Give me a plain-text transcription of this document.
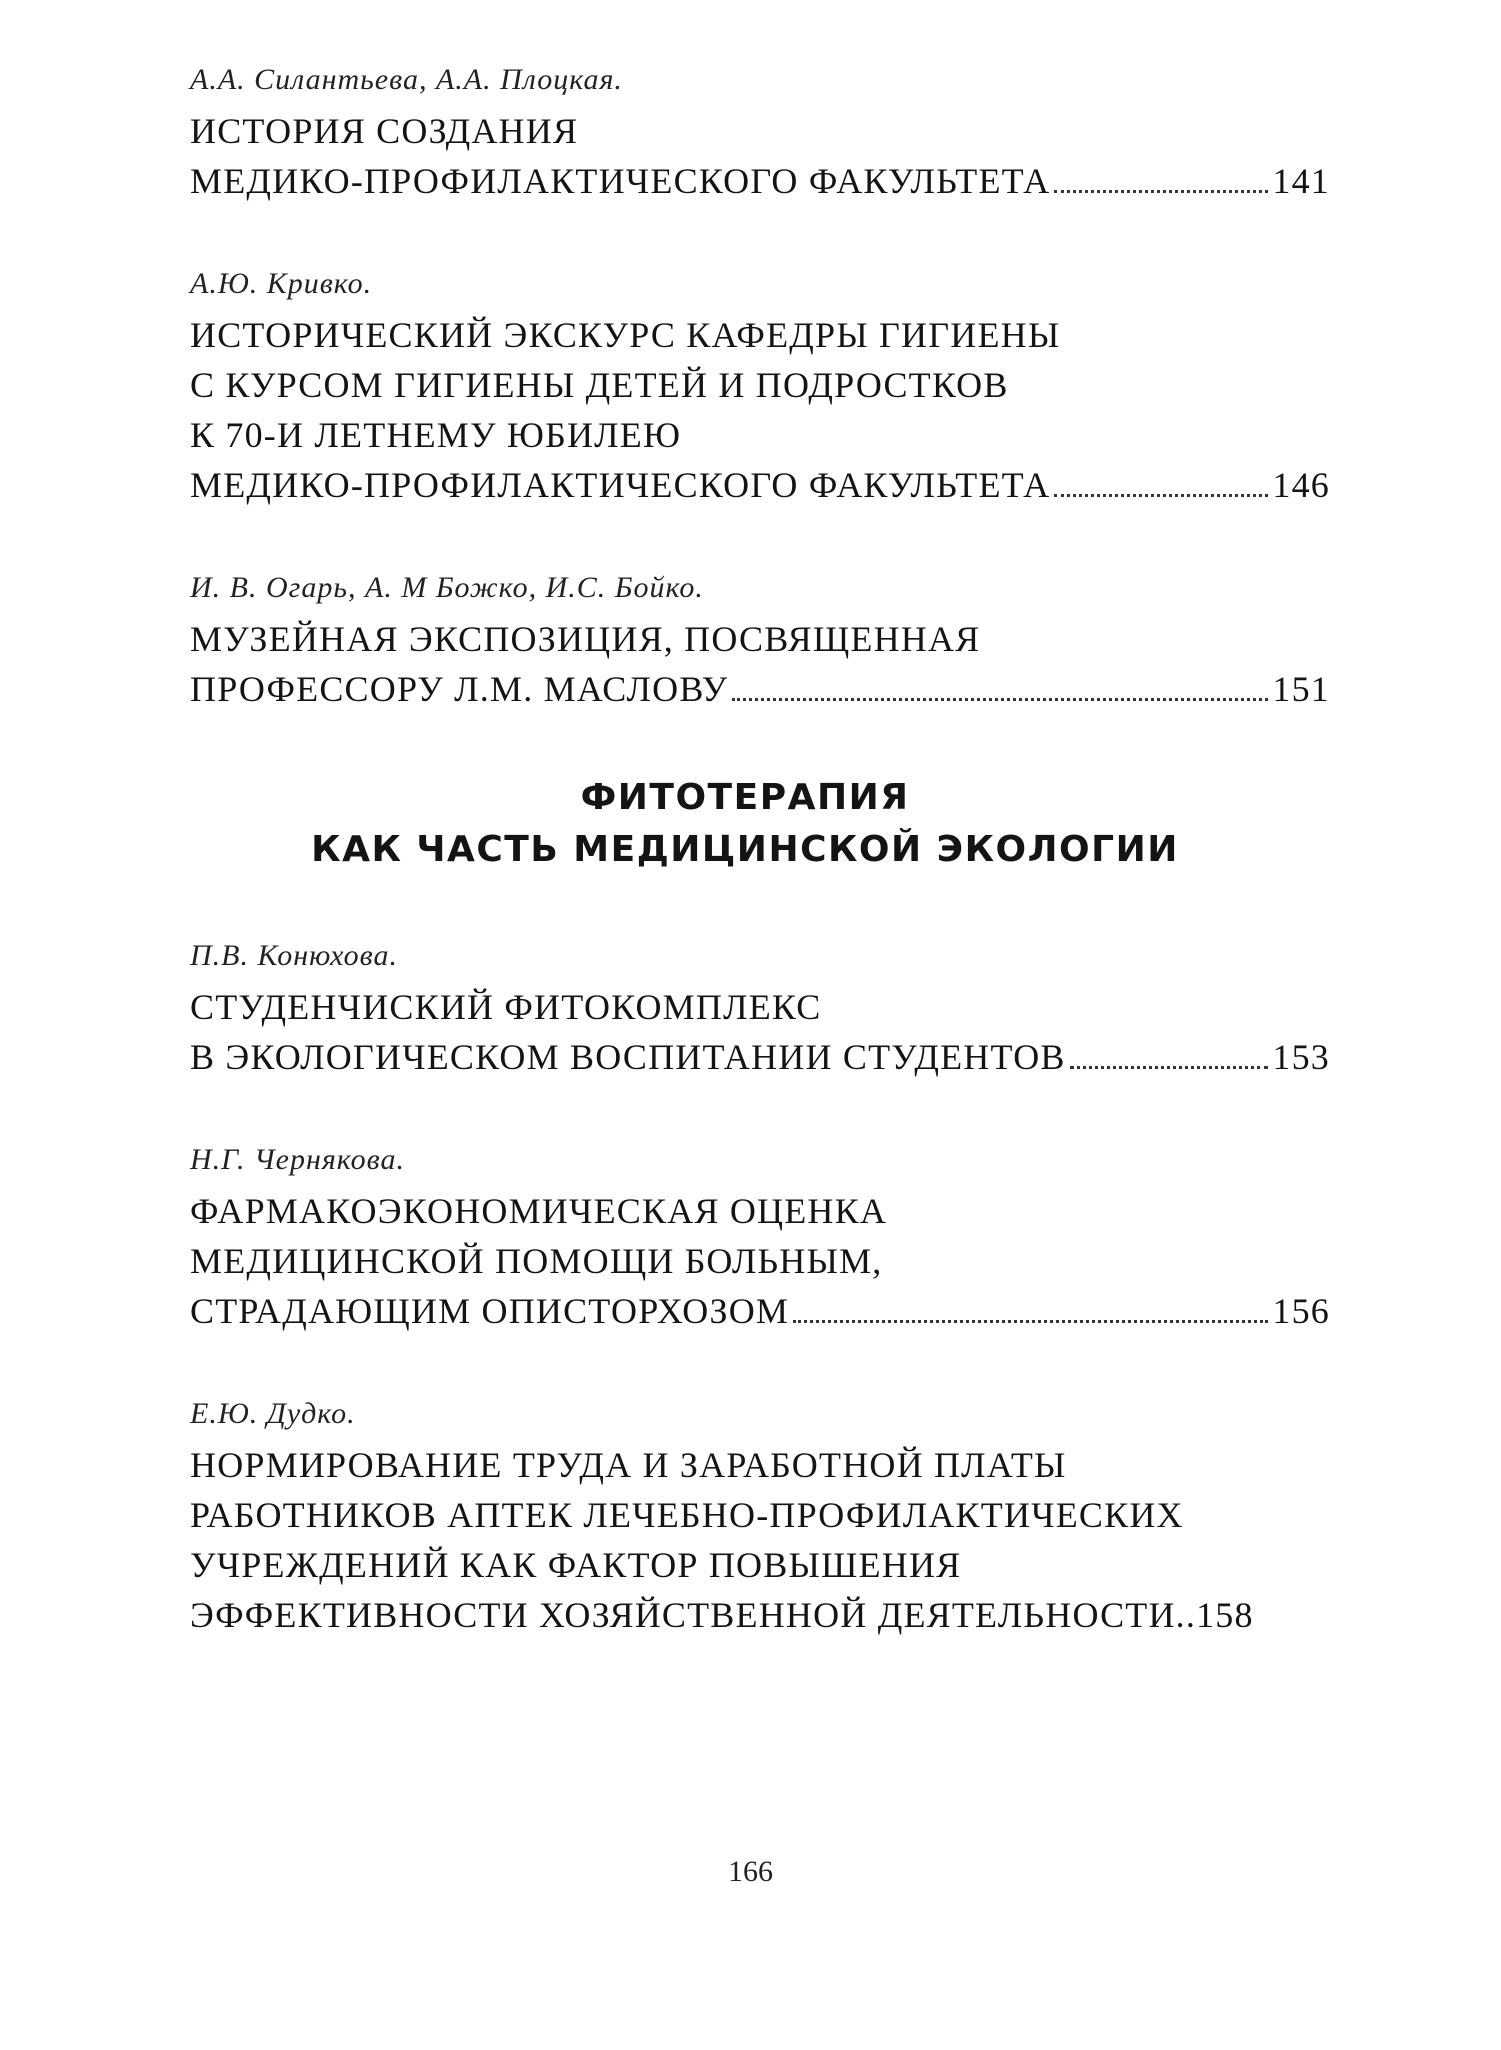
А.А. Силантьева, А.А. Плоцкая.
ИСТОРИЯ СОЗДАНИЯ
МЕДИКО-ПРОФИЛАКТИЧЕСКОГО ФАКУЛЬТЕТА	141
А.Ю. Кривко.
ИСТОРИЧЕСКИЙ ЭКСКУРС КАФЕДРЫ ГИГИЕНЫ
С КУРСОМ ГИГИЕНЫ ДЕТЕЙ И ПОДРОСТКОВ
К 70-И ЛЕТНЕМУ ЮБИЛЕЮ
МЕДИКО-ПРОФИЛАКТИЧЕСКОГО ФАКУЛЬТЕТА	146
И. В. Огарь, А. М Божко, И.С. Бойко.
МУЗЕЙНАЯ ЭКСПОЗИЦИЯ, ПОСВЯЩЕННАЯ
ПРОФЕССОРУ Л.М. МАСЛОВУ	151
ФИТОТЕРАПИЯ
КАК ЧАСТЬ МЕДИЦИНСКОЙ ЭКОЛОГИИ
П.В. Конюхова.
СТУДЕНЧИСКИЙ ФИТОКОМПЛЕКС
В ЭКОЛОГИЧЕСКОМ ВОСПИТАНИИ СТУДЕНТОВ	153
Н.Г. Чернякова.
ФАРМАКОЭКОНОМИЧЕСКАЯ ОЦЕНКА
МЕДИЦИНСКОЙ ПОМОЩИ БОЛЬНЫМ,
СТРАДАЮЩИМ ОПИСТОРХОЗОМ	156
Е.Ю. Дудко.
НОРМИРОВАНИЕ ТРУДА И ЗАРАБОТНОЙ ПЛАТЫ
РАБОТНИКОВ АПТЕК ЛЕЧЕБНО-ПРОФИЛАКТИЧЕСКИХ
УЧРЕЖДЕНИЙ КАК ФАКТОР ПОВЫШЕНИЯ
ЭФФЕКТИВНОСТИ ХОЗЯЙСТВЕННОЙ ДЕЯТЕЛЬНОСТИ.. 158
166
